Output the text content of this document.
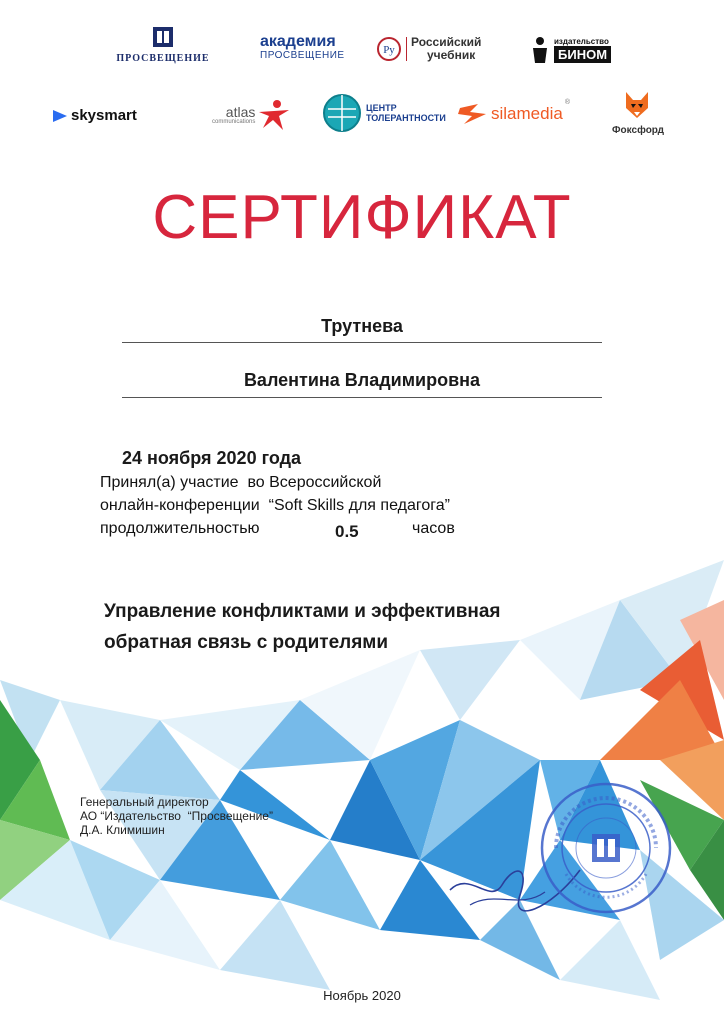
ПРОСВЕЩЕНИЕ
академия
ПРОСВЕЩЕНИЕ	Ру
Российский
учебник
издательство
БИНОМ
skysmart	atlas
communications
ЦЕНТР
ТОЛЕРАНТНОСТИ	silamedia
®
Фоксфорд
СЕРТИФИКАТ
Трутнева
Валентина Владимировна
24 ноября 2020 года
Принял(а) участие  во Всероссийской
онлайн-конференции  “Soft Skills для педагога”
продолжительностью	0.5	часов
Управление конфликтами и эффективная
обратная связь с родителями
Генеральный директор
АО “Издательство  “Просвещение”
Д.А. Климишин
Ноябрь 2020
